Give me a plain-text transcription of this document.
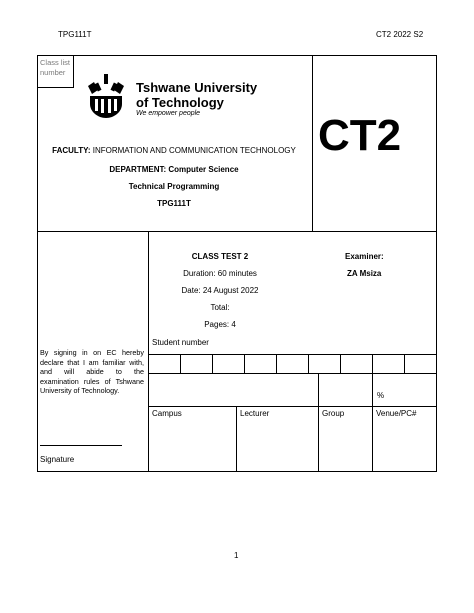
TPG111T	CT2 2022 S2
Class list number
Tshwane University
of Technology
We empower people
FACULTY: INFORMATION AND COMMUNICATION TECHNOLOGY
DEPARTMENT: Computer Science
Technical Programming
TPG111T
CT2
CLASS TEST 2
Duration: 60 minutes
Date: 24 August 2022
Total:
Pages: 4
Examiner:
ZA Msiza
Student number
%
Campus	Lecturer	Group	Venue/PC#
By signing in on EC hereby declare that I am familiar with, and will abide to the examination rules of Tshwane University of Technology.
Signature
1
